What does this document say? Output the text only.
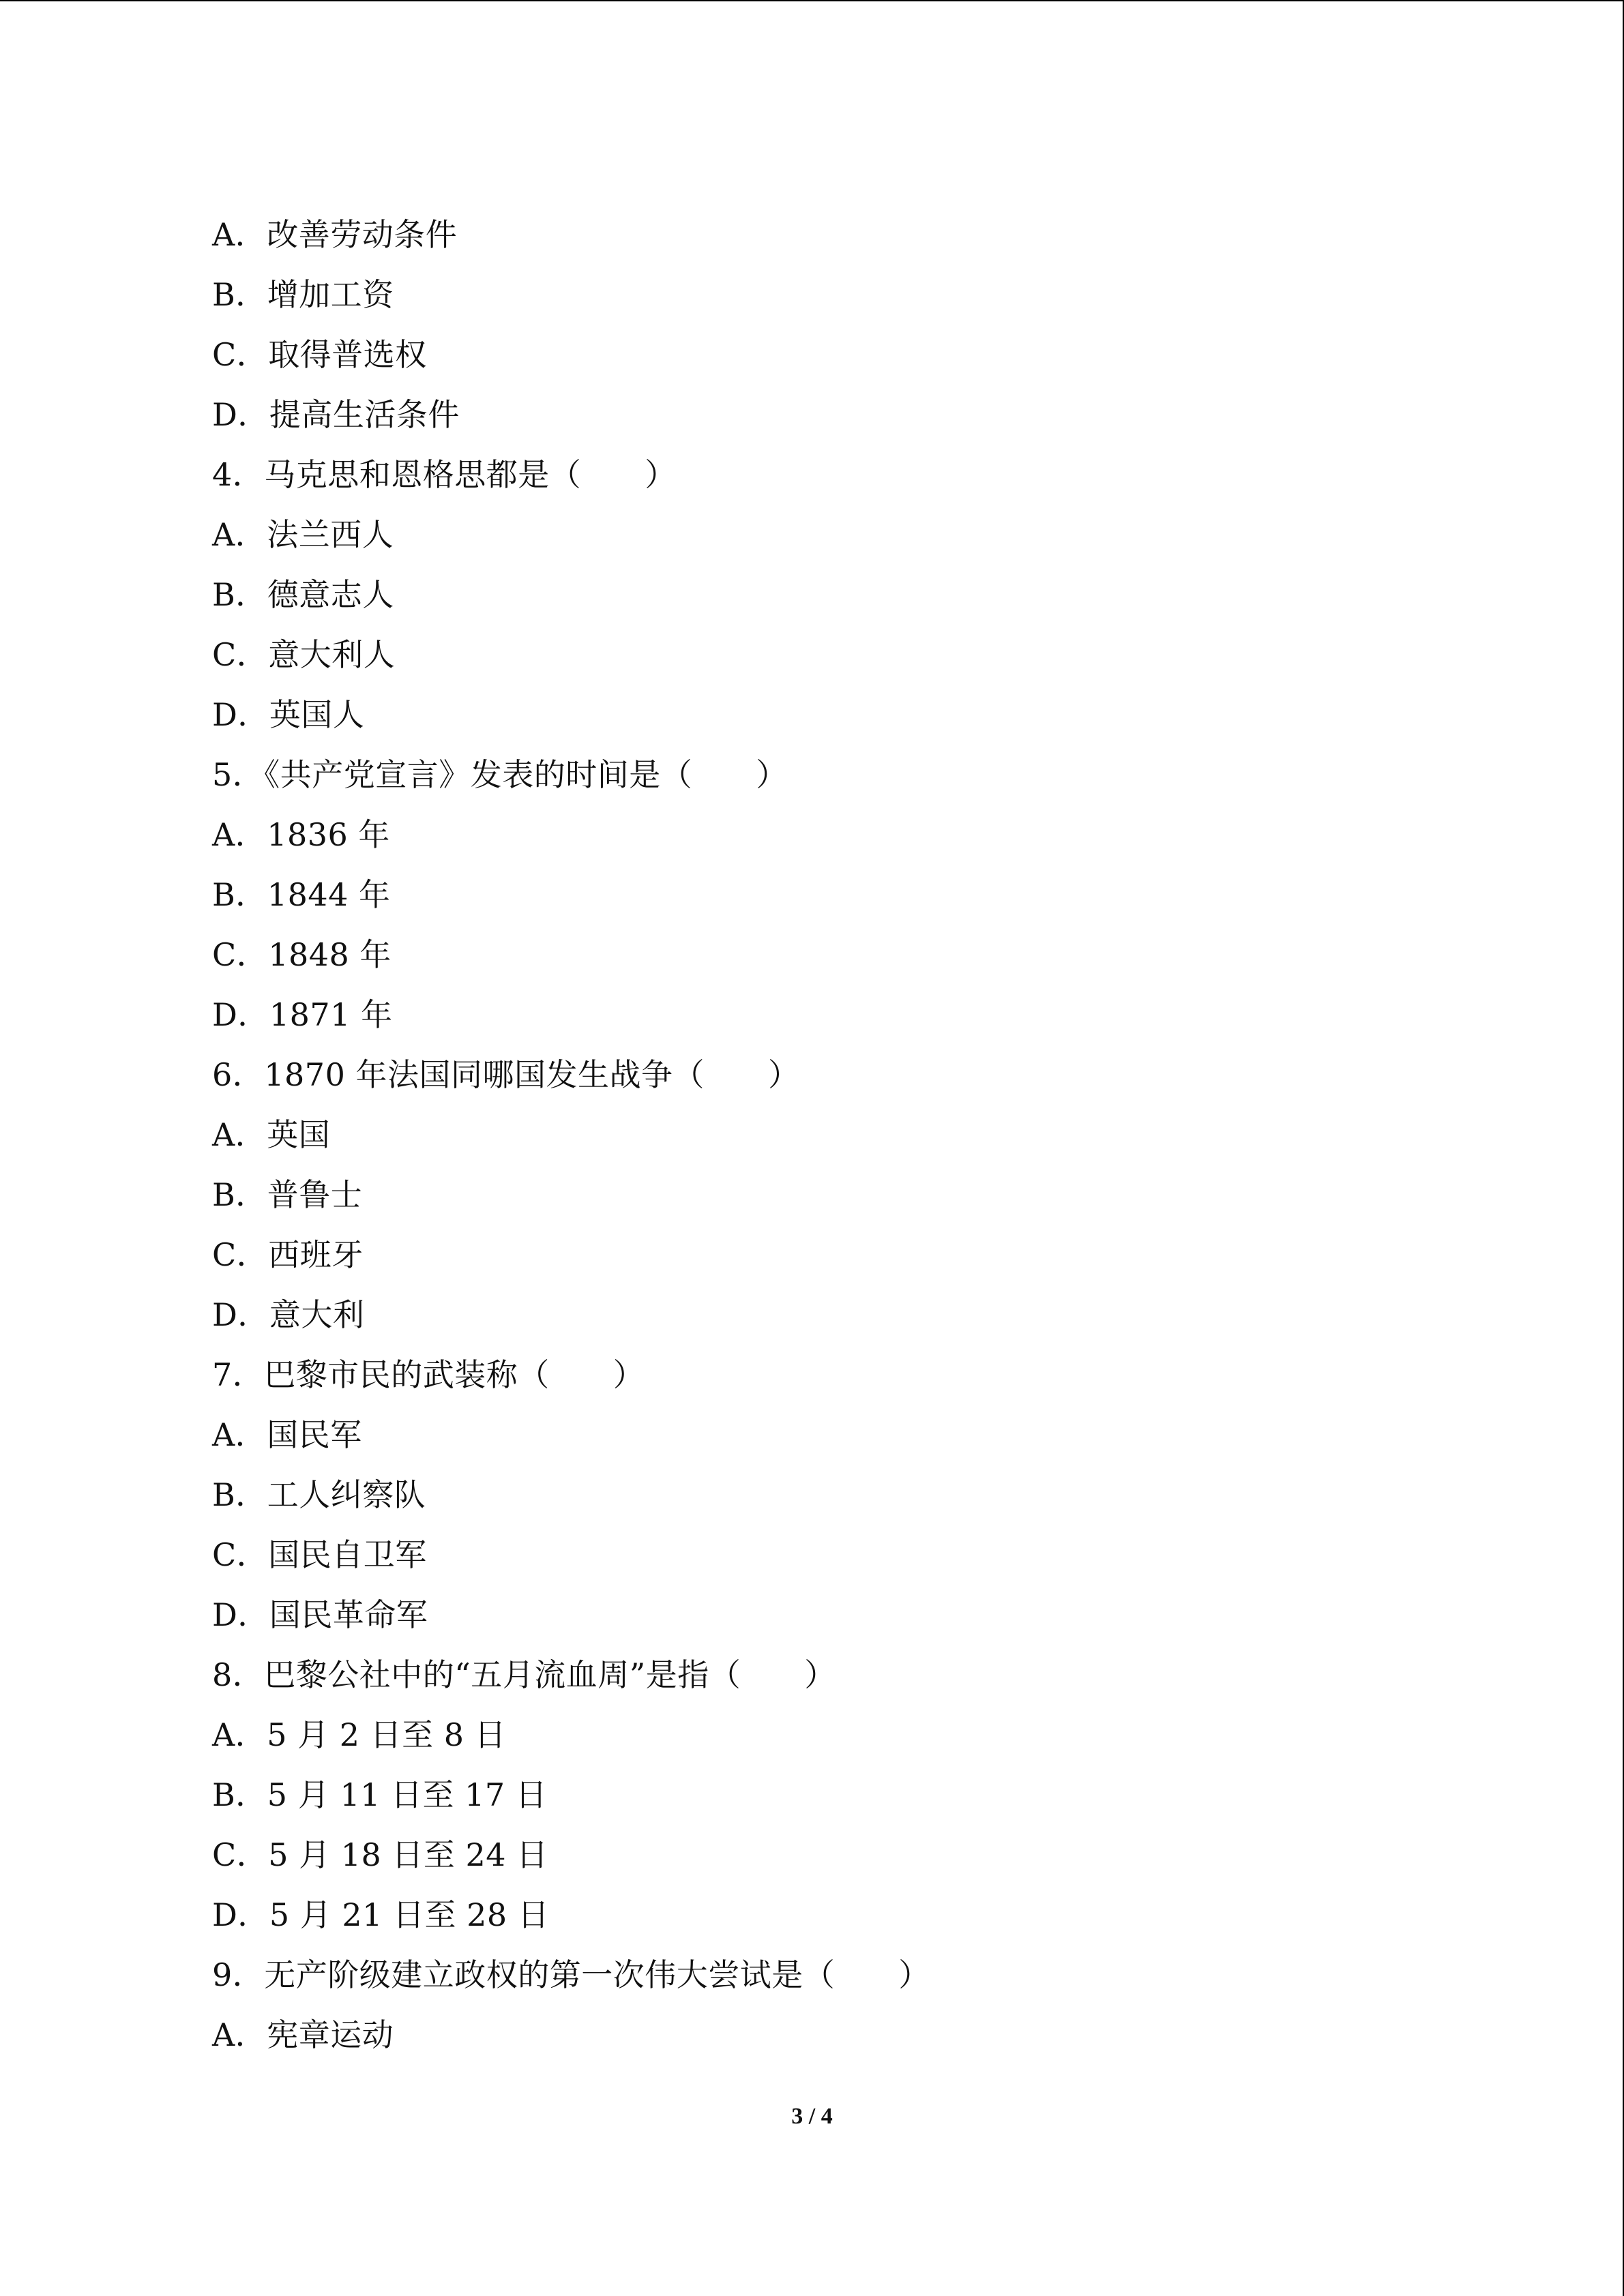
A．改善劳动条件
B．增加工资
C．取得普选权
D．提高生活条件
4．马克思和恩格思都是（　　）
A．法兰西人
B．德意志人
C．意大利人
D．英国人
5．《共产党宣言》发表的时间是（　　）
A．1836 年
B．1844 年
C．1848 年
D．1871 年
6．1870 年法国同哪国发生战争（　　）
A．英国
B．普鲁士
C．西班牙
D．意大利
7．巴黎市民的武装称（　　）
A．国民军
B．工人纠察队
C．国民自卫军
D．国民革命军
8．巴黎公社中的“五月流血周”是指（　　）
A．5 月 2 日至 8 日
B．5 月 11 日至 17 日
C．5 月 18 日至 24 日
D．5 月 21 日至 28 日
9．无产阶级建立政权的第一次伟大尝试是（　　）
A．宪章运动
3 / 4
